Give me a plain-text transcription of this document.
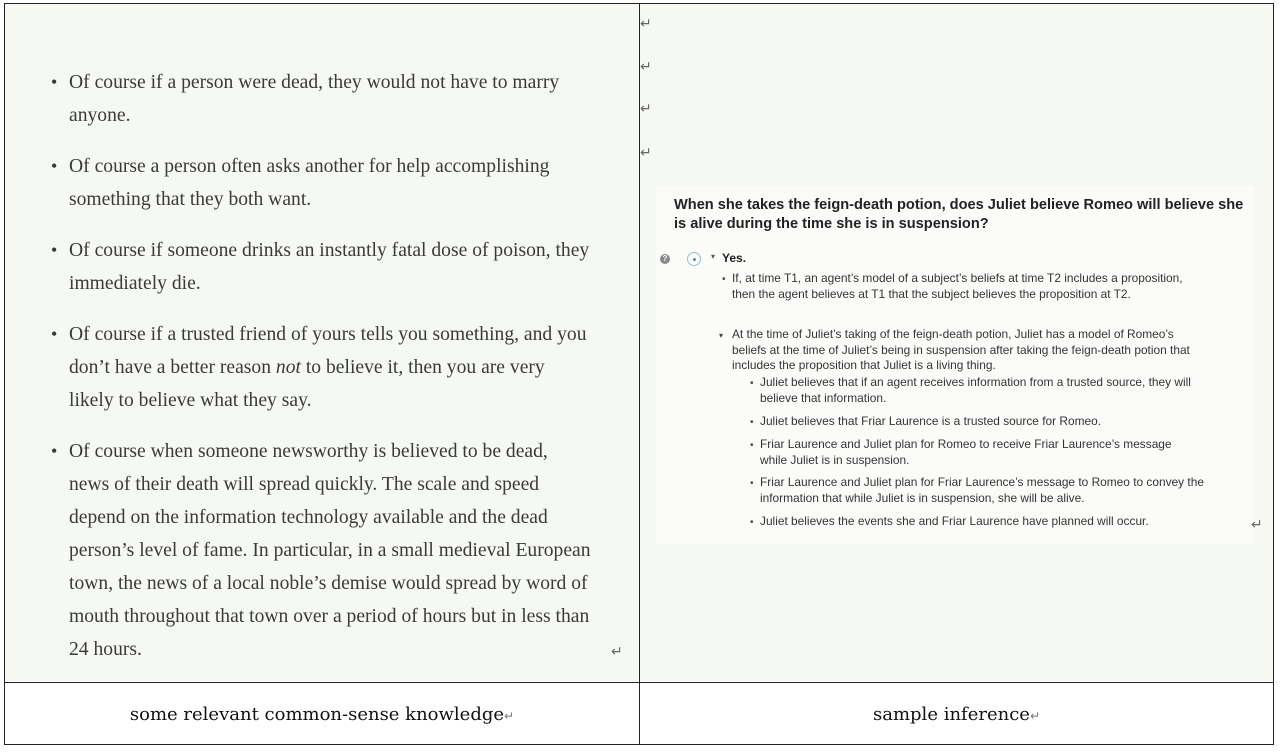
• Of course if a person were dead, they would not have to marry anyone.
• Of course a person often asks another for help accomplishing something that they both want.
• Of course if someone drinks an instantly fatal dose of poison, they immediately die.
• Of course if a trusted friend of yours tells you something, and you don’t have a better reason not to believe it, then you are very likely to believe what they say.
• Of course when someone newsworthy is believed to be dead, news of their death will spread quickly. The scale and speed depend on the information technology available and the dead person’s level of fame. In particular, in a small medieval European town, the news of a local noble’s demise would spread by word of mouth throughout that town over a period of hours but in less than 24 hours.	↵
↵
↵
↵
↵
When she takes the feign-death potion, does Juliet believe Romeo will believe she is alive during the time she is in suspension?
?	▾ Yes.
• If, at time T1, an agent’s model of a subject’s beliefs at time T2 includes a proposition, then the agent believes at T1 that the subject believes the proposition at T2.
▾ At the time of Juliet’s taking of the feign-death potion, Juliet has a model of Romeo’s beliefs at the time of Juliet’s being in suspension after taking the feign-death potion that includes the proposition that Juliet is a living thing.
• Juliet believes that if an agent receives information from a trusted source, they will believe that information.
• Juliet believes that Friar Laurence is a trusted source for Romeo.
• Friar Laurence and Juliet plan for Romeo to receive Friar Laurence’s message while Juliet is in suspension.
• Friar Laurence and Juliet plan for Friar Laurence’s message to Romeo to convey the information that while Juliet is in suspension, she will be alive.
• Juliet believes the events she and Friar Laurence have planned will occur.	↵
some relevant common-sense knowledge↵	sample inference↵
